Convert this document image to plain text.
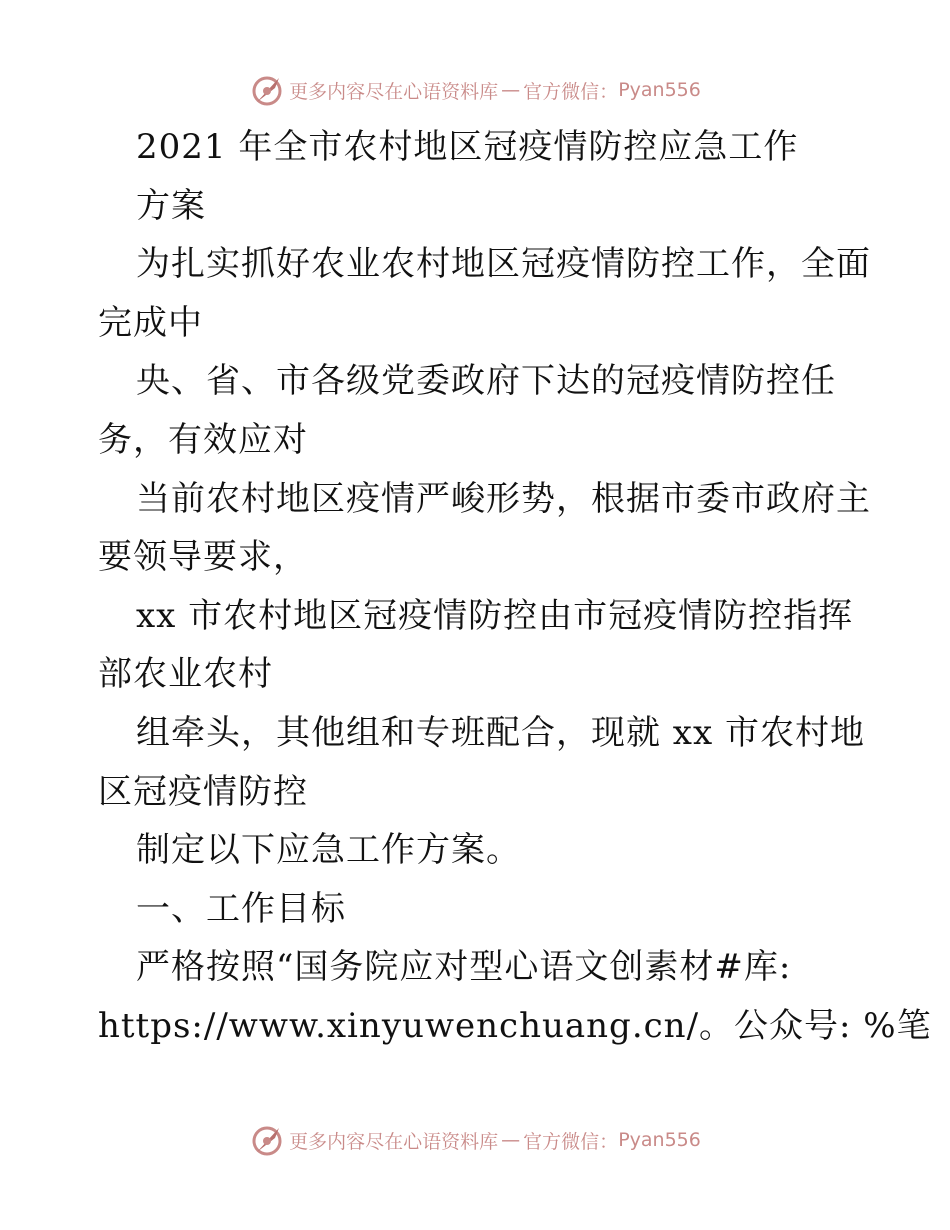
更多内容尽在心语资料库 — 官方微信： Pyan556
2021 年全市农村地区冠疫情防控应急工作
方案
为扎实抓好农业农村地区冠疫情防控工作，全面
完成中
央、省、市各级党委政府下达的冠疫情防控任
务，有效应对
当前农村地区疫情严峻形势，根据市委市政府主
要领导要求，
xx 市农村地区冠疫情防控由市冠疫情防控指挥
部农业农村
组牵头，其他组和专班配合，现就 xx 市农村地
区冠疫情防控
制定以下应急工作方案。
一、工作目标
严格按照“国务院应对型心语文创素材#库:
https://www.xinyuwenchuang.cn/。公众号: %笔
更多内容尽在心语资料库 — 官方微信： Pyan556
